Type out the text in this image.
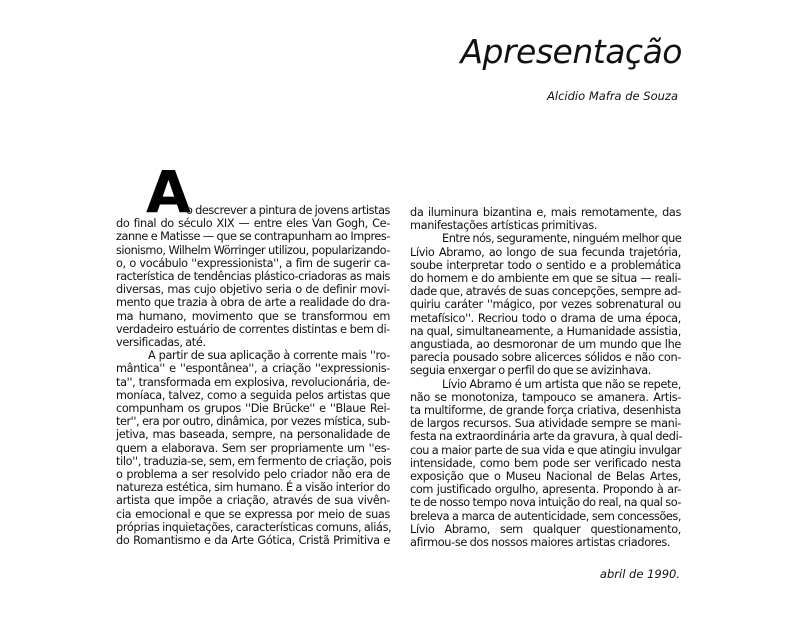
Apresentação
Alcidio Mafra de Souza
A
o descrever a pintura de jovens artistas
do final do século XIX — entre eles Van Gogh, Ce-
zanne e Matisse — que se contrapunham ao Impres-
sionismo, Wilhelm Wörringer utilizou, popularizando-
o, o vocábulo ''expressionista'', a fim de sugerir ca-
racterística de tendências plástico-criadoras as mais
diversas, mas cujo objetivo seria o de definir movi-
mento que trazia à obra de arte a realidade do dra-
ma humano, movimento que se transformou em
verdadeiro estuário de correntes distintas e bem di-
versificadas, até.
A partir de sua aplicação à corrente mais ''ro-
mântica'' e ''espontânea'', a criação ''expressionis-
ta'', transformada em explosiva, revolucionária, de-
moníaca, talvez, como a seguida pelos artistas que
compunham os grupos ''Die Brücke'' e ''Blaue Rei-
ter'', era por outro, dinâmica, por vezes mística, sub-
jetiva, mas baseada, sempre, na personalidade de
quem a elaborava. Sem ser propriamente um ''es-
tilo'', traduzia-se, sem, em fermento de criação, pois
o problema a ser resolvido pelo criador não era de
natureza estética, sim humano. É a visão interior do
artista que impõe a criação, através de sua vivên-
cia emocional e que se expressa por meio de suas
próprias inquietações, características comuns, aliás,
do Romantismo e da Arte Gótica, Cristã Primitiva e
da iluminura bizantina e, mais remotamente, das
manifestações artísticas primitivas.
Entre nós, seguramente, ninguém melhor que
Lívio Abramo, ao longo de sua fecunda trajetória,
soube interpretar todo o sentido e a problemática
do homem e do ambiente em que se situa — reali-
dade que, através de suas concepções, sempre ad-
quiriu caráter ''mágico, por vezes sobrenatural ou
metafísico''. Recriou todo o drama de uma época,
na qual, simultaneamente, a Humanidade assistia,
angustiada, ao desmoronar de um mundo que lhe
parecia pousado sobre alicerces sólidos e não con-
seguia enxergar o perfil do que se avizinhava.
Lívio Abramo é um artista que não se repete,
não se monotoniza, tampouco se amanera. Artis-
ta multiforme, de grande força criativa, desenhista
de largos recursos. Sua atividade sempre se mani-
festa na extraordinária arte da gravura, à qual dedi-
cou a maior parte de sua vida e que atingiu invulgar
intensidade, como bem pode ser verificado nesta
exposição que o Museu Nacional de Belas Artes,
com justificado orgulho, apresenta. Propondo à ar-
te de nosso tempo nova intuição do real, na qual so-
breleva a marca de autenticidade, sem concessões,
Lívio Abramo, sem qualquer questionamento,
afirmou-se dos nossos maiores artistas criadores.
abril de 1990.
